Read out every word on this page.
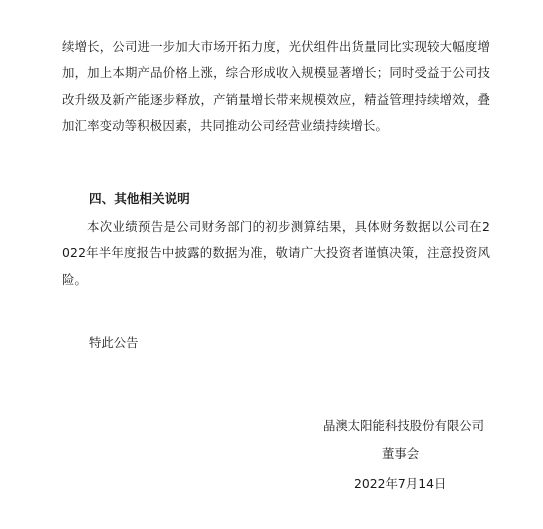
续增长，公司进一步加大市场开拓力度，光伏组件出货量同比实现较大幅度增加，加上本期产品价格上涨，综合形成收入规模显著增长；同时受益于公司技改升级及新产能逐步释放，产销量增长带来规模效应，精益管理持续增效，叠加汇率变动等积极因素，共同推动公司经营业绩持续增长。

四、其他相关说明

本次业绩预告是公司财务部门的初步测算结果，具体财务数据以公司在2022年半年度报告中披露的数据为准，敬请广大投资者谨慎决策，注意投资风险。

特此公告

晶澳太阳能科技股份有限公司

董事会

2022年7月14日
